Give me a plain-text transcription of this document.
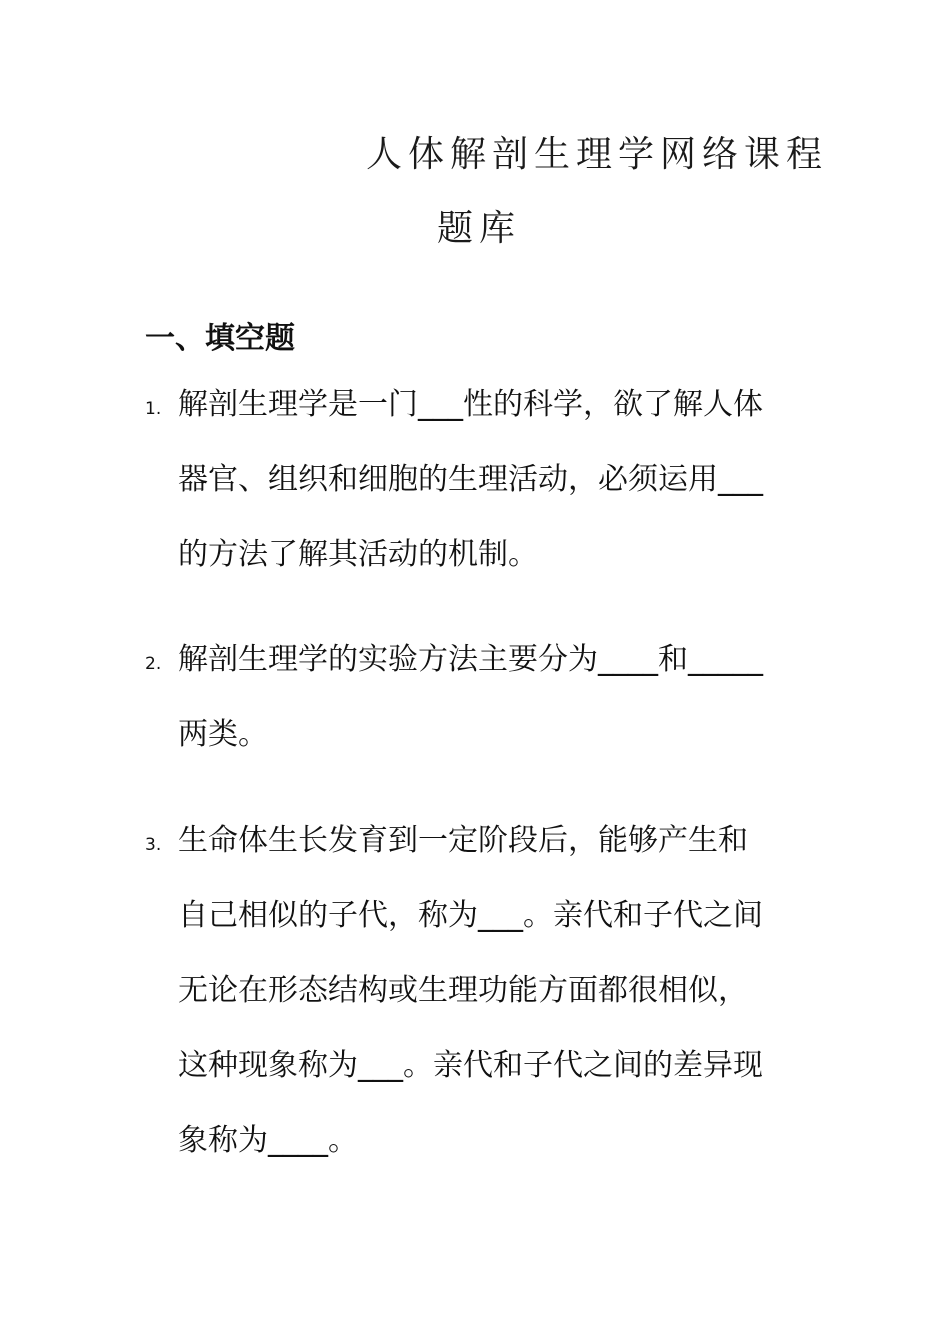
人体解剖生理学网络课程
题库
一、填空题
1. 解剖生理学是一门___性的科学，欲了解人体
器官、组织和细胞的生理活动，必须运用___
的方法了解其活动的机制。
2. 解剖生理学的实验方法主要分为____和_____
两类。
3. 生命体生长发育到一定阶段后，能够产生和
自己相似的子代，称为___。亲代和子代之间
无论在形态结构或生理功能方面都很相似，
这种现象称为___。亲代和子代之间的差异现
象称为____。
